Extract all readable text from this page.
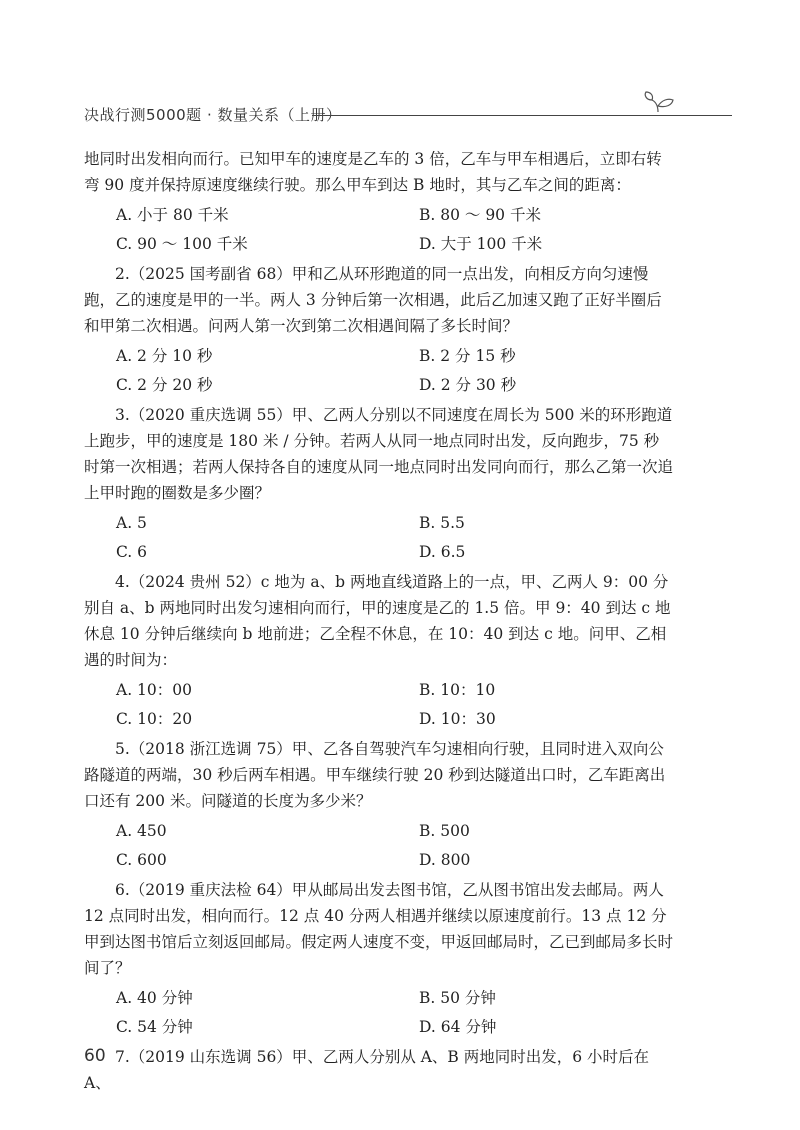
决战行测5000题 · 数量关系（上册）

地同时出发相向而行。已知甲车的速度是乙车的 3 倍，乙车与甲车相遇后，立即右转弯 90 度并保持原速度继续行驶。那么甲车到达 B 地时，其与乙车之间的距离：

A. 小于 80 千米	B. 80 ～ 90 千米
C. 90 ～ 100 千米	D. 大于 100 千米

2.（2025 国考副省 68）甲和乙从环形跑道的同一点出发，向相反方向匀速慢跑，乙的速度是甲的一半。两人 3 分钟后第一次相遇，此后乙加速又跑了正好半圈后和甲第二次相遇。问两人第一次到第二次相遇间隔了多长时间？

A. 2 分 10 秒	B. 2 分 15 秒
C. 2 分 20 秒	D. 2 分 30 秒

3.（2020 重庆选调 55）甲、乙两人分别以不同速度在周长为 500 米的环形跑道上跑步，甲的速度是 180 米 / 分钟。若两人从同一地点同时出发，反向跑步，75 秒时第一次相遇；若两人保持各自的速度从同一地点同时出发同向而行，那么乙第一次追上甲时跑的圈数是多少圈？

A. 5	B. 5.5
C. 6	D. 6.5

4.（2024 贵州 52）c 地为 a、b 两地直线道路上的一点，甲、乙两人 9：00 分别自 a、b 两地同时出发匀速相向而行，甲的速度是乙的 1.5 倍。甲 9：40 到达 c 地休息 10 分钟后继续向 b 地前进；乙全程不休息，在 10：40 到达 c 地。问甲、乙相遇的时间为：

A. 10：00	B. 10：10
C. 10：20	D. 10：30

5.（2018 浙江选调 75）甲、乙各自驾驶汽车匀速相向行驶，且同时进入双向公路隧道的两端，30 秒后两车相遇。甲车继续行驶 20 秒到达隧道出口时，乙车距离出口还有 200 米。问隧道的长度为多少米？

A. 450	B. 500
C. 600	D. 800

6.（2019 重庆法检 64）甲从邮局出发去图书馆，乙从图书馆出发去邮局。两人 12 点同时出发，相向而行。12 点 40 分两人相遇并继续以原速度前行。13 点 12 分甲到达图书馆后立刻返回邮局。假定两人速度不变，甲返回邮局时，乙已到邮局多长时间了？

A. 40 分钟	B. 50 分钟
C. 54 分钟	D. 64 分钟

7.（2019 山东选调 56）甲、乙两人分别从 A、B 两地同时出发，6 小时后在 A、

60
